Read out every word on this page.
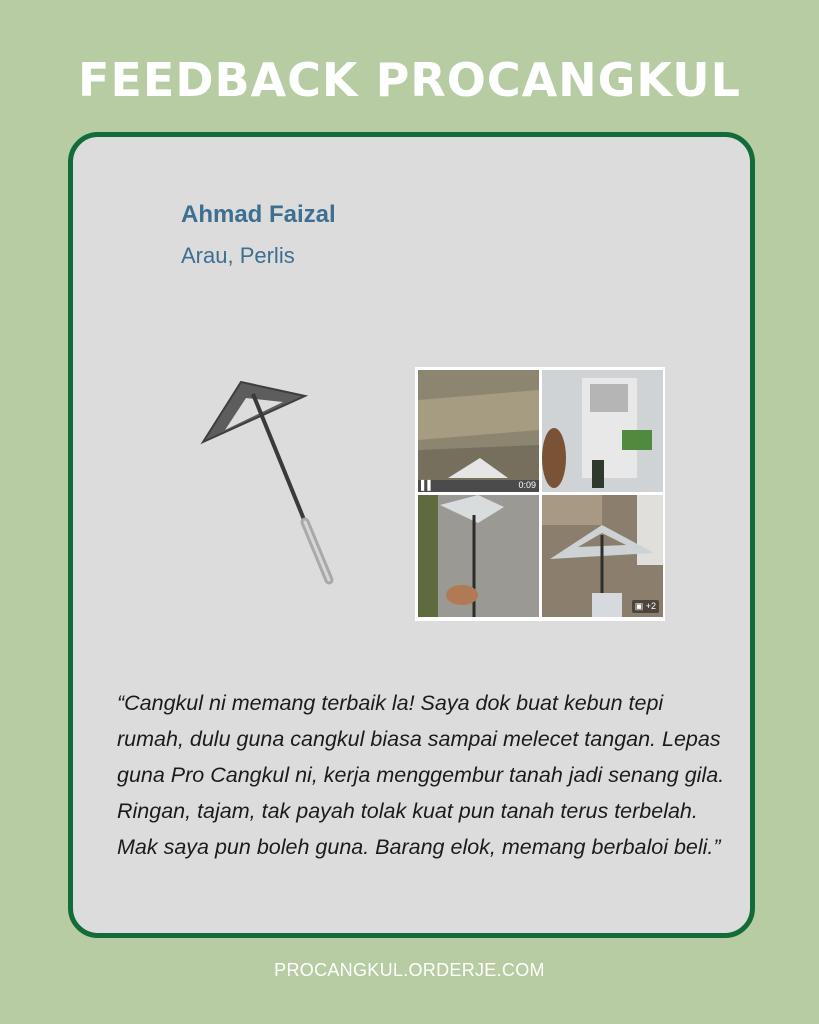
FEEDBACK PROCANGKUL
Ahmad Faizal
Arau, Perlis
▌▌	0:09
▣ +2
“Cangkul ni memang terbaik la! Saya dok buat kebun tepi rumah, dulu guna cangkul biasa sampai melecet tangan. Lepas guna Pro Cangkul ni, kerja menggembur tanah jadi senang gila. Ringan, tajam, tak payah tolak kuat pun tanah terus terbelah. Mak saya pun boleh guna. Barang elok, memang berbaloi beli.”
PROCANGKUL.ORDERJE.COM
